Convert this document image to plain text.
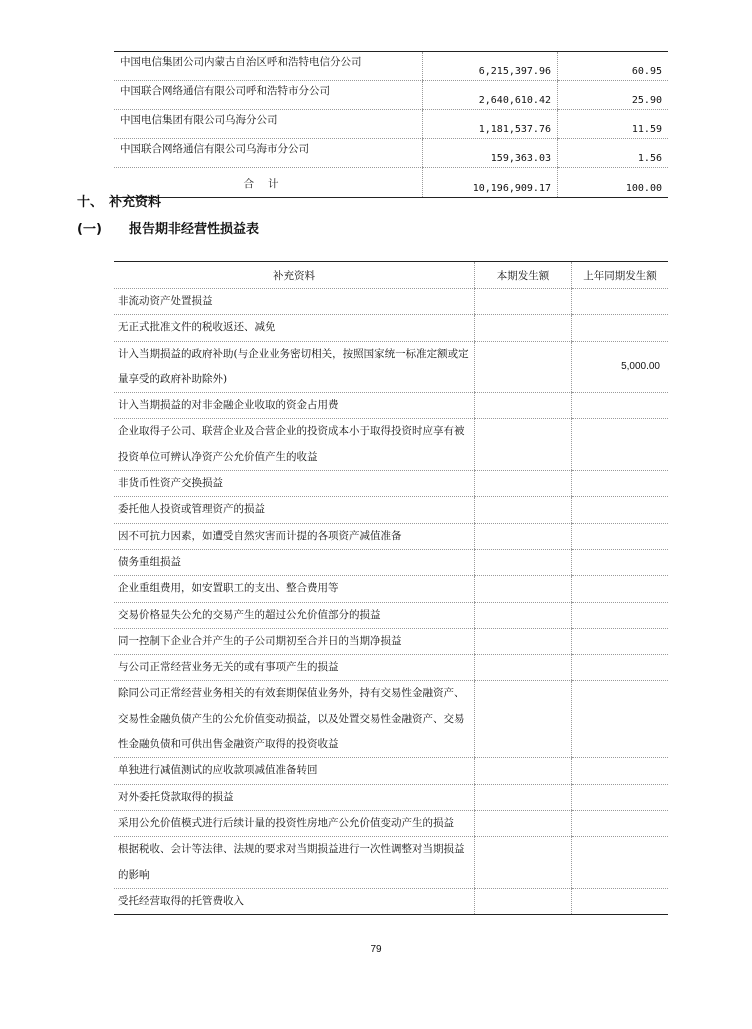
中国电信集团公司内蒙古自治区呼和浩特电信分公司	6,215,397.96	60.95
中国联合网络通信有限公司呼和浩特市分公司	2,640,610.42	25.90
中国电信集团有限公司乌海分公司	1,181,537.76	11.59
中国联合网络通信有限公司乌海市分公司	159,363.03	1.56
合计	10,196,909.17	100.00
十、 补充资料
(一) 报告期非经营性损益表
补充资料	本期发生额	上年同期发生额
非流动资产处置损益		
无正式批准文件的税收返还、减免		
计入当期损益的政府补助(与企业业务密切相关，按照国家统一标准定额或定量享受的政府补助除外)		5,000.00
计入当期损益的对非金融企业收取的资金占用费		
企业取得子公司、联营企业及合营企业的投资成本小于取得投资时应享有被投资单位可辨认净资产公允价值产生的收益		
非货币性资产交换损益		
委托他人投资或管理资产的损益		
因不可抗力因素，如遭受自然灾害而计提的各项资产减值准备		
债务重组损益		
企业重组费用，如安置职工的支出、整合费用等		
交易价格显失公允的交易产生的超过公允价值部分的损益		
同一控制下企业合并产生的子公司期初至合并日的当期净损益		
与公司正常经营业务无关的或有事项产生的损益		
除同公司正常经营业务相关的有效套期保值业务外，持有交易性金融资产、交易性金融负债产生的公允价值变动损益，以及处置交易性金融资产、交易性金融负债和可供出售金融资产取得的投资收益		
单独进行减值测试的应收款项减值准备转回		
对外委托贷款取得的损益		
采用公允价值模式进行后续计量的投资性房地产公允价值变动产生的损益		
根据税收、会计等法律、法规的要求对当期损益进行一次性调整对当期损益的影响		
受托经营取得的托管费收入		
79
